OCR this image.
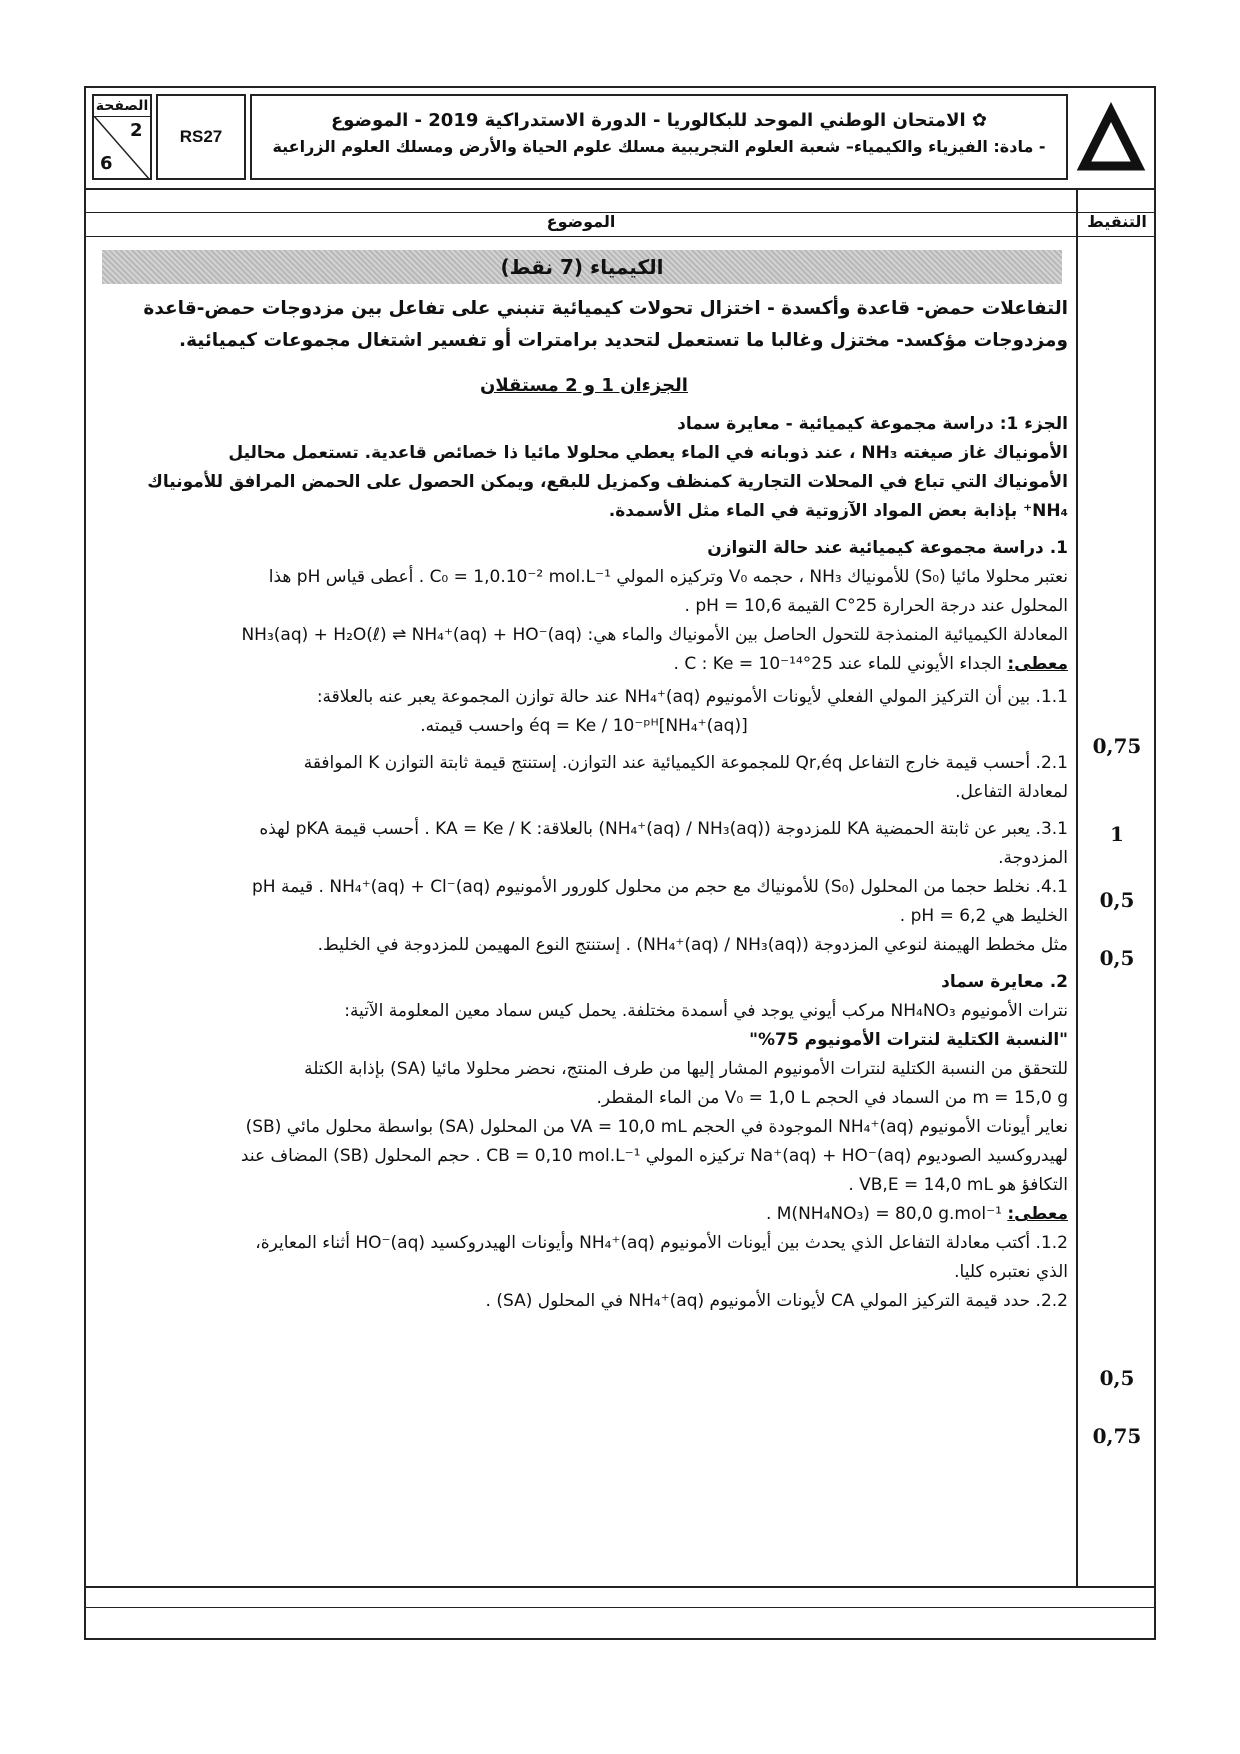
الصفحة
2
6
RS27
✿ الامتحان الوطني الموحد للبكالوريا - الدورة الاستدراكية 2019 - الموضوع
- مادة: الفيزياء والكيمياء– شعبة العلوم التجريبية مسلك علوم الحياة والأرض ومسلك العلوم الزراعية
الموضوع	التنقيط
الكيمياء (7 نقط)

التفاعلات حمض- قاعدة وأكسدة - اختزال تحولات كيميائية تنبني على تفاعل بين مزدوجات حمض-قاعدة

ومزدوجات مؤكسد- مختزل وغالبا ما تستعمل لتحديد برامترات أو تفسير اشتغال مجموعات كيميائية.

الجزءان 1 و 2 مستقلان

الجزء 1: دراسة مجموعة كيميائية - معايرة سماد

الأمونياك غاز صيغته NH₃ ، عند ذوبانه في الماء يعطي محلولا مائيا ذا خصائص قاعدية. تستعمل محاليل

الأمونياك التي تباع في المحلات التجارية كمنظف وكمزيل للبقع، ويمكن الحصول على الحمض المرافق للأمونياك

NH₄⁺ بإذابة بعض المواد الآزوتية في الماء مثل الأسمدة.

1. دراسة مجموعة كيميائية عند حالة التوازن

نعتبر محلولا مائيا (S₀) للأمونياك NH₃ ، حجمه V₀ وتركيزه المولي C₀ = 1,0.10⁻² mol.L⁻¹ . أعطى قياس pH هذا

المحلول عند درجة الحرارة 25°C القيمة pH = 10,6 .

المعادلة الكيميائية المنمذجة للتحول الحاصل بين الأمونياك والماء هي: NH₃(aq) + H₂O(ℓ) ⇌ NH₄⁺(aq) + HO⁻(aq)

معطى: الجداء الأيوني للماء عند 25°C : Ke = 10⁻¹⁴ .

1.1. بين أن التركيز المولي الفعلي لأيونات الأمونيوم NH₄⁺(aq) عند حالة توازن المجموعة يعبر عنه بالعلاقة:

[NH₄⁺(aq)]éq = Ke / 10⁻ᵖᴴ واحسب قيمته.

2.1. أحسب قيمة خارج التفاعل Qr,éq للمجموعة الكيميائية عند التوازن. إستنتج قيمة ثابتة التوازن K الموافقة

لمعادلة التفاعل.

3.1. يعبر عن ثابتة الحمضية KA للمزدوجة (NH₄⁺(aq) / NH₃(aq)) بالعلاقة: KA = Ke / K . أحسب قيمة pKA لهذه

المزدوجة.

4.1. نخلط حجما من المحلول (S₀) للأمونياك مع حجم من محلول كلورور الأمونيوم NH₄⁺(aq) + Cl⁻(aq) . قيمة pH

الخليط هي pH = 6,2 .

مثل مخطط الهيمنة لنوعي المزدوجة (NH₄⁺(aq) / NH₃(aq)) . إستنتج النوع المهيمن للمزدوجة في الخليط.

2. معايرة سماد

نترات الأمونيوم NH₄NO₃ مركب أيوني يوجد في أسمدة مختلفة. يحمل كيس سماد معين المعلومة الآتية:

"النسبة الكتلية لنترات الأمونيوم 75%"

للتحقق من النسبة الكتلية لنترات الأمونيوم المشار إليها من طرف المنتج، نحضر محلولا مائيا (SA) بإذابة الكتلة

m = 15,0 g من السماد في الحجم V₀ = 1,0 L من الماء المقطر.

نعاير أيونات الأمونيوم NH₄⁺(aq) الموجودة في الحجم VA = 10,0 mL من المحلول (SA) بواسطة محلول مائي (SB)

لهيدروكسيد الصوديوم Na⁺(aq) + HO⁻(aq) تركيزه المولي CB = 0,10 mol.L⁻¹ . حجم المحلول (SB) المضاف عند

التكافؤ هو VB,E = 14,0 mL .

معطى: M(NH₄NO₃) = 80,0 g.mol⁻¹ .

1.2. أكتب معادلة التفاعل الذي يحدث بين أيونات الأمونيوم NH₄⁺(aq) وأيونات الهيدروكسيد HO⁻(aq) أثناء المعايرة،

الذي نعتبره كليا.

2.2. حدد قيمة التركيز المولي CA لأيونات الأمونيوم NH₄⁺(aq) في المحلول (SA) .

0,75
1
0,5
0,5
0,5
0,75
